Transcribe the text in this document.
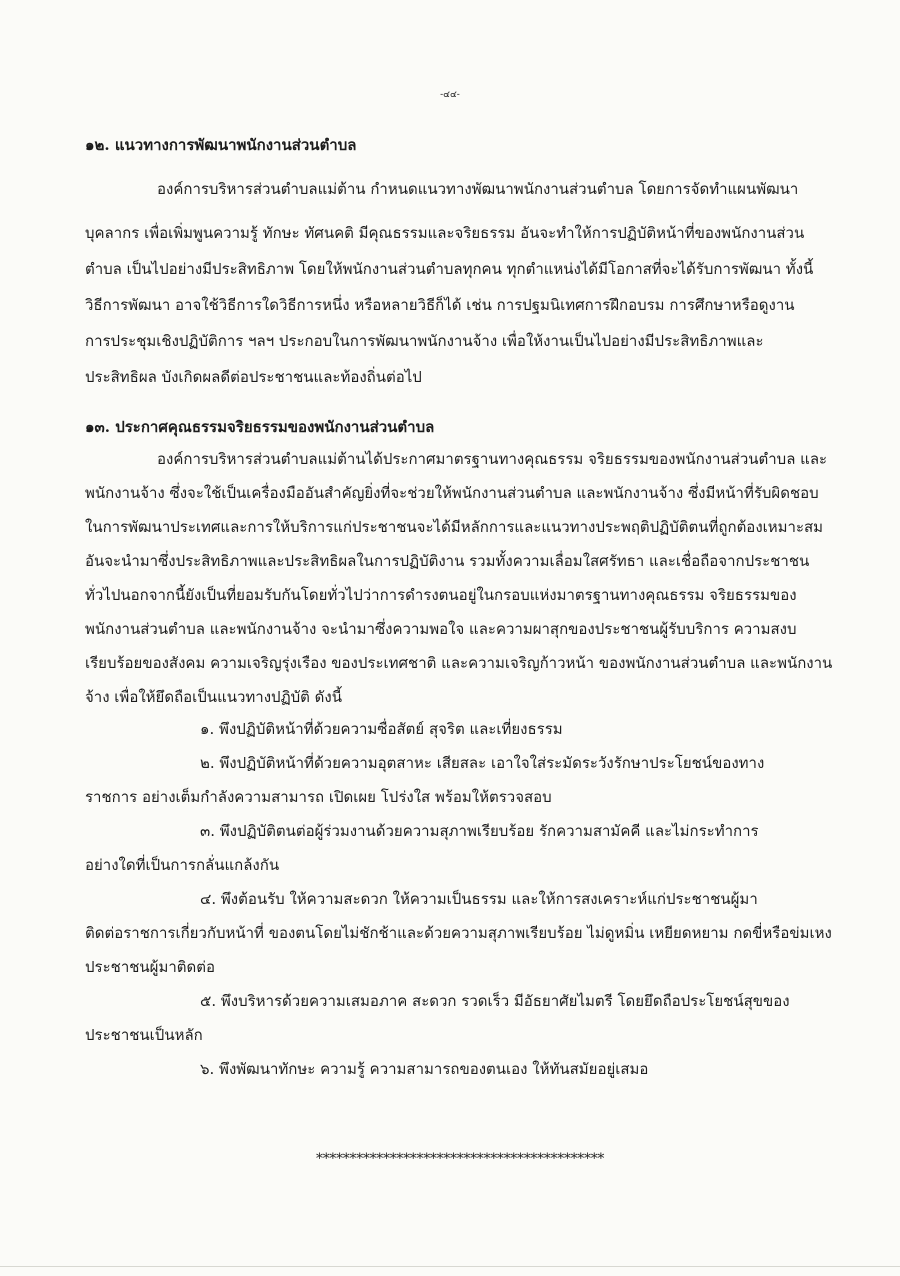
-๔๔-
๑๒. แนวทางการพัฒนาพนักงานส่วนตำบล
องค์การบริหารส่วนตำบลแม่ต้าน กำหนดแนวทางพัฒนาพนักงานส่วนตำบล โดยการจัดทำแผนพัฒนา
บุคลากร เพื่อเพิ่มพูนความรู้ ทักษะ ทัศนคติ มีคุณธรรมและจริยธรรม อันจะทำให้การปฏิบัติหน้าที่ของพนักงานส่วน
ตำบล เป็นไปอย่างมีประสิทธิภาพ โดยให้พนักงานส่วนตำบลทุกคน ทุกตำแหน่งได้มีโอกาสที่จะได้รับการพัฒนา ทั้งนี้
วิธีการพัฒนา อาจใช้วิธีการใดวิธีการหนึ่ง หรือหลายวิธีก็ได้ เช่น การปฐมนิเทศการฝึกอบรม การศึกษาหรือดูงาน
การประชุมเชิงปฏิบัติการ ฯลฯ ประกอบในการพัฒนาพนักงานจ้าง เพื่อให้งานเป็นไปอย่างมีประสิทธิภาพและ
ประสิทธิผล บังเกิดผลดีต่อประชาชนและท้องถิ่นต่อไป
๑๓. ประกาศคุณธรรมจริยธรรมของพนักงานส่วนตำบล
องค์การบริหารส่วนตำบลแม่ต้านได้ประกาศมาตรฐานทางคุณธรรม จริยธรรมของพนักงานส่วนตำบล และ
พนักงานจ้าง ซึ่งจะใช้เป็นเครื่องมืออันสำคัญยิ่งที่จะช่วยให้พนักงานส่วนตำบล และพนักงานจ้าง ซึ่งมีหน้าที่รับผิดชอบ
ในการพัฒนาประเทศและการให้บริการแก่ประชาชนจะได้มีหลักการและแนวทางประพฤติปฏิบัติตนที่ถูกต้องเหมาะสม
อันจะนำมาซึ่งประสิทธิภาพและประสิทธิผลในการปฏิบัติงาน รวมทั้งความเลื่อมใสศรัทธา และเชื่อถือจากประชาชน
ทั่วไปนอกจากนี้ยังเป็นที่ยอมรับกันโดยทั่วไปว่าการดำรงตนอยู่ในกรอบแห่งมาตรฐานทางคุณธรรม จริยธรรมของ
พนักงานส่วนตำบล และพนักงานจ้าง จะนำมาซึ่งความพอใจ และความผาสุกของประชาชนผู้รับบริการ ความสงบ
เรียบร้อยของสังคม ความเจริญรุ่งเรือง ของประเทศชาติ และความเจริญก้าวหน้า ของพนักงานส่วนตำบล และพนักงาน
จ้าง เพื่อให้ยึดถือเป็นแนวทางปฏิบัติ ดังนี้
๑. พึงปฏิบัติหน้าที่ด้วยความซื่อสัตย์ สุจริต และเที่ยงธรรม
๒. พึงปฏิบัติหน้าที่ด้วยความอุตสาหะ เสียสละ เอาใจใส่ระมัดระวังรักษาประโยชน์ของทาง
ราชการ อย่างเต็มกำลังความสามารถ เปิดเผย โปร่งใส พร้อมให้ตรวจสอบ
๓. พึงปฏิบัติตนต่อผู้ร่วมงานด้วยความสุภาพเรียบร้อย รักความสามัคคี และไม่กระทำการ
อย่างใดที่เป็นการกลั่นแกล้งกัน
๔. พึงต้อนรับ ให้ความสะดวก ให้ความเป็นธรรม และให้การสงเคราะห์แก่ประชาชนผู้มา
ติดต่อราชการเกี่ยวกับหน้าที่ ของตนโดยไม่ชักช้าและด้วยความสุภาพเรียบร้อย ไม่ดูหมิ่น เหยียดหยาม กดขี่หรือข่มเหง
ประชาชนผู้มาติดต่อ
๕. พึงบริหารด้วยความเสมอภาค สะดวก รวดเร็ว มีอัธยาศัยไมตรี โดยยึดถือประโยชน์สุขของ
ประชาชนเป็นหลัก
๖. พึงพัฒนาทักษะ ความรู้ ความสามารถของตนเอง ให้ทันสมัยอยู่เสมอ
*******************************************
